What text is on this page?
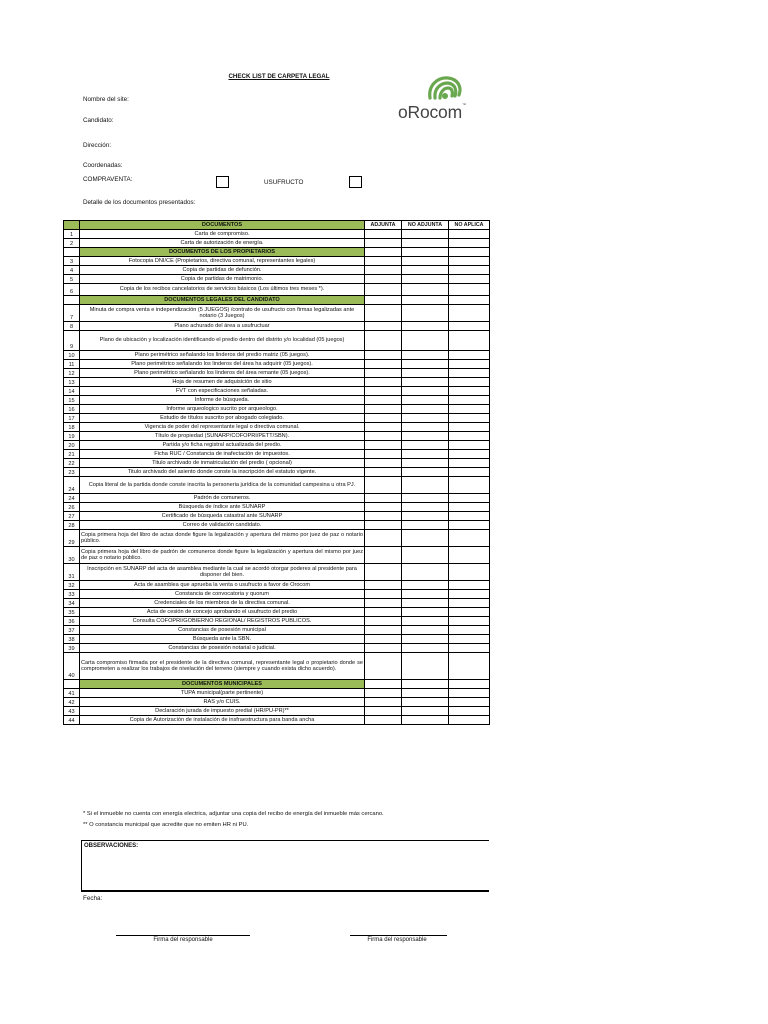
CHECK LIST DE CARPETA LEGAL
oRocom™
Nombre del site:
Candidato:
Dirección:
Coordenadas:
COMPRAVENTA:	USUFRUCTO
Detalle de los documentos presentados:
	DOCUMENTOS	ADJUNTA	NO ADJUNTA	NO APLICA
1	Carta de compromiso.			
2	Carta de autorización de energía.			
	DOCUMENTOS DE LOS PROPIETARIOS			
3	Fotocopia DNI/CE (Propietarios, directiva comunal, representantes legales)			
4	Copia de partidas de defunción.			
5	Copia de partidas de matrimonio.			
6	Copia de los recibos cancelatorios de servicios básicos (Los últimos tres meses *).			
	DOCUMENTOS LEGALES DEL CANDIDATO			
7	Minuta de compra venta e independización (5 JUEGOS) /contrato de usufructo con firmas legalizadas ante notario (3 Juegos)			
8	Plano achurado del área a usufructuar			
9	Plano de ubicación y localización identificando el predio dentro del distrito y/o localidad (05 juegos)			
10	Plano perimétrico señalando los linderos del predio matriz (05 juegos).			
11	Plano perimétrico señalando los linderos del área ha adquirir (05 juegos).			
12	Plano perimétrico señalando los linderos del área remante (05 juegos).			
13	Hoja de resumen de adquisición de sitio			
14	FVT con especificaciones señaladas.			
15	Informe de búsqueda.			
16	Informe arqueologico sucrito por arqueologo.			
17	Estudio de títulos suscrito por abogado colegiado.			
18	Vigencia de poder del representante legal o directiva comunal.			
19	Título de propiedad (SUNARP/COFOPRI/PETT/SBN).			
20	Partida y/o ficha registral actualizada del predio.			
21	Ficha RUC / Constancia de inafectación de impuestos.			
22	Titulo archivado de inmatriculación del predio ( opcional)			
23	Titulo archivado del asiento donde conste la inscripción del estatuto vigente.			
24	Copia literal de la partida donde conste inscrita la personeria jurídica de la comunidad campesina u otra PJ.			
24	Padrón de comuneros.			
26	Búsqueda de índice ante SUNARP			
27	Certificado de búsqueda catastral ante SUNARP			
28	Correo de validación candidato.			
29	Copia primera hoja del libro de actas donde figure la legalización y apertura del mismo por juez de paz o notario público.			
30	Copia primera hoja del libro de padrón de comuneros donde figure la legalización y apertura del mismo por juez de paz o notario público.			
31	Inscripción en SUNARP del acta de asamblea mediante la cual se acordó otorgar poderes al presidente para disponer del bien.			
32	Acta de asamblea que aprueba la venta o usufructo a favor de Orocom			
33	Constancia de convocatoria y quorum			
34	Credenciales de los miembros de la directiva comunal.			
35	Acta de cesión de concejo aprobando el usufructo del predio			
36	Consulta COFOPRI/GOBIERNO REGIONAL/ REGISTROS PUBLICOS.			
37	Constancias de posesión municipal			
38	Búsqueda ante la SBN.			
39	Constancias de posesión notarial o judicial.			
40	Carta compromiso firmada por el presidente de la directiva comunal, representante legal o propietario donde se comprometen a realizar los trabajos de nivelación del terreno (siempre y cuando exista dicho acuerdo).			
	DOCUMENTOS MUNICIPALES			
41	TUPA municipal(parte pertinente)			
42	RAS y/o CUIS.			
43	Declaración jurada de impuesto predial (HR/PU-PR)**			
44	Copia de Autorización de instalación de insfraestructura para banda ancha			
* Si el inmueble no cuenta con energía electrica, adjuntar una copia del recibo de energía del inmueble más cercano.
** O constancia municipal que acredite que no emiten HR ni PU.
OBSERVACIONES:
Fecha:
Firma del responsable	Firma del responsable
